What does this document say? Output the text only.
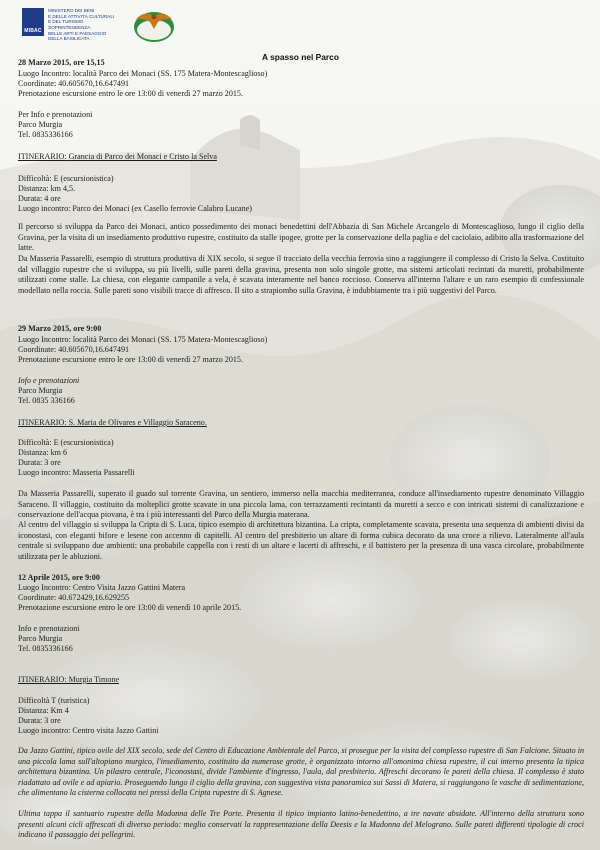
MIBAC
MINISTERO DEI BENI
E DELLE ATTIVITÀ CULTURALI
E DEL TURISMO
SOPRINTENDENZA
BELLE ARTI E PAESAGGIO
DELLA BASILICATA
A spasso nel Parco
28 Marzo 2015, ore 15,15
Luogo Incontro: località Parco dei Monaci (SS. 175 Matera-Montescaglioso)
Coordinate: 40.605670,16.647491
Prenotazione escursione entro le ore 13:00 di venerdì 27 marzo 2015.
Per Info e prenotazioni
Parco Murgia
Tel. 0835336166
ITINERARIO: Grancia di Parco dei Monaci e Cristo la Selva
Difficoltà: E (escursionistica)
Distanza: km 4,5.
Durata: 4 ore
Luogo incontro: Parco dei Monaci (ex Casello ferrovie Calabro Lucane)
Il percorso si sviluppa da Parco dei Monaci, antico possedimento dei monaci benedettini dell'Abbazia di San Michele Arcangelo di Montescaglioso, lungo il ciglio della Gravina, per la visita di un insediamento produttivo rupestre, costituito da stalle ipogee, grotte per la conservazione della paglia e del caciolaio, adibito alla trasformazione del latte.
Da Masseria Passarelli, esempio di struttura produttiva di XIX secolo, si segue il tracciato della vecchia ferrovia sino a raggiungere il complesso di Cristo la Selva. Costituito dal villaggio rupestre che si sviluppa, su più livelli, sulle pareti della gravina, presenta non solo singole grotte, ma sistemi articolati recintati da muretti, probabilmente utilizzati come stalle. La chiesa, con elegante campanile a vela, è scavata interamente nel banco roccioso. Conserva all'interno l'altare e un raro esempio di confessionale modellato nella roccia. Sulle pareti sono visibili tracce di affresco. Il sito a strapiombo sulla Gravina, è indubbiamente tra i più suggestivi del Parco.
29 Marzo 2015, ore 9:00
Luogo Incontro: località Parco dei Monaci (SS. 175 Matera-Montescaglioso)
Coordinate: 40.605670,16.647491
Prenotazione escursione entro le ore 13:00 di venerdì 27 marzo 2015.
Info e prenotazioni
Parco Murgia
Tel. 0835 336166
ITINERARIO: S. Maria de Olivares e Villaggio Saraceno.
Difficoltà: E (escursionistica)
Distanza: km 6
Durata: 3 ore
Luogo incontro: Masseria Passarelli
Da Masseria Passarelli, superato il guado sul torrente Gravina, un sentiero, immerso nella macchia mediterranea, conduce all'insediamento rupestre denominato Villaggio Saraceno. Il villaggio, costituito da molteplici grotte scavate in una piccola lama, con terrazzamenti recintanti da muretti a secco e con intricati sistemi di canalizzazione e conservazione dell'acqua piovana, è tra i più interessanti del Parco della Murgia materana.
Al centro del villaggio si sviluppa la Cripta di S. Luca, tipico esempio di architettura bizantina. La cripta, completamente scavata, presenta una sequenza di ambienti divisi da iconostasi, con eleganti bifore e lesene con accenno di capitelli. Al centro del presbiterio un altare di forma cubica decorato da una croce a rilievo. Lateralmente all'aula centrale si sviluppano due ambienti: una probabile cappella con i resti di un altare e lacerti di affreschi, e il battistero per la presenza di una vasca circolare, probabilmente utilizzata per le abluzioni.
12 Aprile 2015, ore 9:00
Luogo Incontro: Centro Visita Jazzo Gattini Matera
Coordinate: 40.672429,16.629255
Prenotazione escursione entro le ore 13:00 di venerdì 10 aprile 2015.
Info e prenotazioni
Parco Murgia
Tel. 0835336166
ITINERARIO: Murgia Timone
Difficoltà T (turistica)
Distanza: Km 4
Durata: 3 ore
Luogo incontro: Centro visita Jazzo Gattini
Da Jazzo Gattini, tipico ovile del XIX secolo, sede del Centro di Educazione Ambientale del Parco, si prosegue per la visita del complesso rupestre di San Falcione. Situato in una piccola lama sull'altopiano murgico, l'insediamento, costituito da numerose grotte, è organizzato intorno all'omonima chiesa rupestre, il cui interno presenta la tipica architettura bizantina. Un pilastro centrale, l'iconostasi, divide l'ambiente d'ingresso, l'aula, dal presbiterio. Affreschi decorano le pareti della chiesa. Il complesso è stato riadattato ad ovile e ad apiario. Proseguendo lungo il ciglio della gravina, con suggestiva vista panoramica sui Sassi di Matera, si raggiungono le vasche di sedimentazione, che alimentano la cisterna collocata nei pressi della Cripta rupestre di S. Agnese.
Ultima tappa il santuario rupestre della Madonna delle Tre Porte. Presenta il tipico impianto latino-benedettino, a tre navate absidate. All'interno della struttura sono presenti alcuni cicli affrescati di diverso periodo: meglio conservati la rappresentazione della Deesis e la Madonna del Melograno. Sulle pareti differenti tipologie di croci indicano il passaggio dei pellegrini.
